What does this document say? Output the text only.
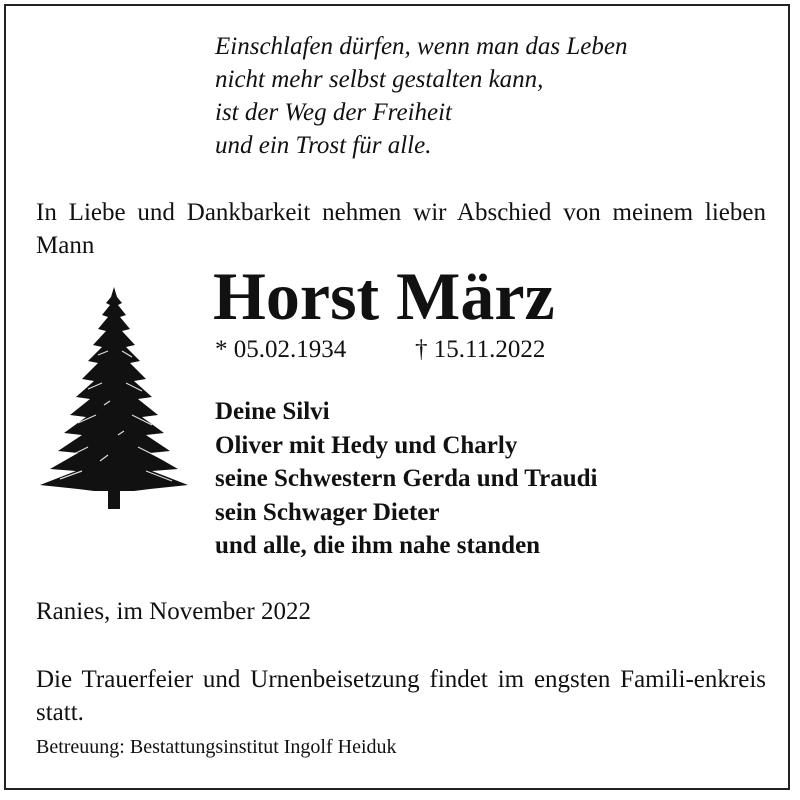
Einschlafen dürfen, wenn man das Leben
nicht mehr selbst gestalten kann,
ist der Weg der Freiheit
und ein Trost für alle.
In Liebe und Dankbarkeit nehmen wir Abschied von meinem lieben Mann
Horst März
* 05.02.1934	† 15.11.2022
Deine Silvi
Oliver mit Hedy und Charly
seine Schwestern Gerda und Traudi
sein Schwager Dieter
und alle, die ihm nahe standen
Ranies, im November 2022
Die Trauerfeier und Urnenbeisetzung findet im engsten Famili-enkreis statt.
Betreuung: Bestattungsinstitut Ingolf Heiduk
